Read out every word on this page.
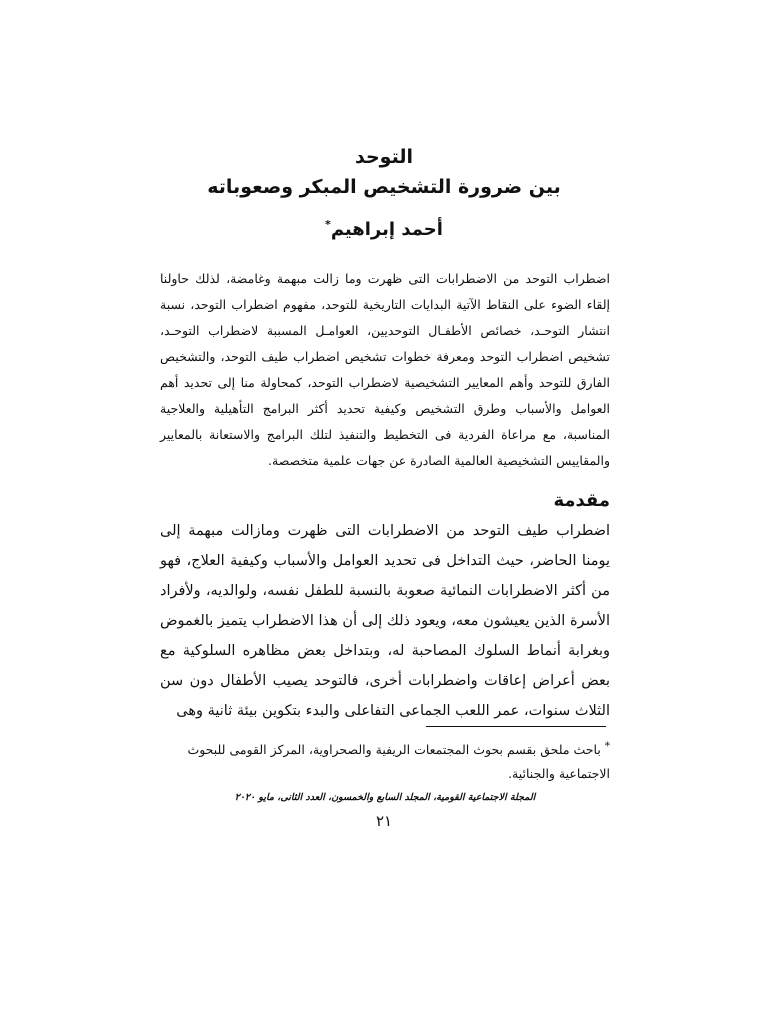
التوحد
بين ضرورة التشخيص المبكر وصعوباته
أحمد إبراهيم*
اضطراب التوحد من الاضطرابات التى ظهرت وما زالت مبهمة وغامضة، لذلك حاولنا إلقاء الضوء على النقاط الآتية البدايات التاريخية للتوحد، مفهوم اضطراب التوحد، نسبة انتشار التوحـد، خصائص الأطفـال التوحديين، العوامـل المسببة لاضطراب التوحـد، تشخيص اضطراب التوحد ومعرفة خطوات تشخيص اضطراب طيف التوحد، والتشخيص الفارق للتوحد وأهم المعايير التشخيصية لاضطراب التوحد، كمحاولة منا إلى تحديد أهم العوامل والأسباب وطرق التشخيص وكيفية تحديد أكثر البرامج التأهيلية والعلاجية المناسبة، مع مراعاة الفردية فى التخطيط والتنفيذ لتلك البرامج والاستعانة بالمعايير والمقاييس التشخيصية العالمية الصادرة عن جهات علمية متخصصة.
مقدمة
اضطراب طيف التوحد من الاضطرابات التى ظهرت ومازالت مبهمة إلى يومنا الحاضر، حيث التداخل فى تحديد العوامل والأسباب وكيفية العلاج، فهو من أكثر الاضطرابات النمائية صعوبة بالنسبة للطفل نفسه، ولوالديه، ولأفراد الأسرة الذين يعيشون معه، ويعود ذلك إلى أن هذا الاضطراب يتميز بالغموض وبغرابة أنماط السلوك المصاحبة له، وبتداخل بعض مظاهره السلوكية مع بعض أعراض إعاقات واضطرابات أخرى، فالتوحد يصيب الأطفال دون سن الثلاث سنوات، عمر اللعب الجماعى التفاعلى والبدء بتكوين بيئة ثانية وهى
* باحث ملحق بقسم بحوث المجتمعات الريفية والصحراوية، المركز القومى للبحوث الاجتماعية والجنائية.
المجلة الاجتماعية القومية، المجلد السابع والخمسون، العدد الثانى، مايو ٢٠٢٠
٢١
